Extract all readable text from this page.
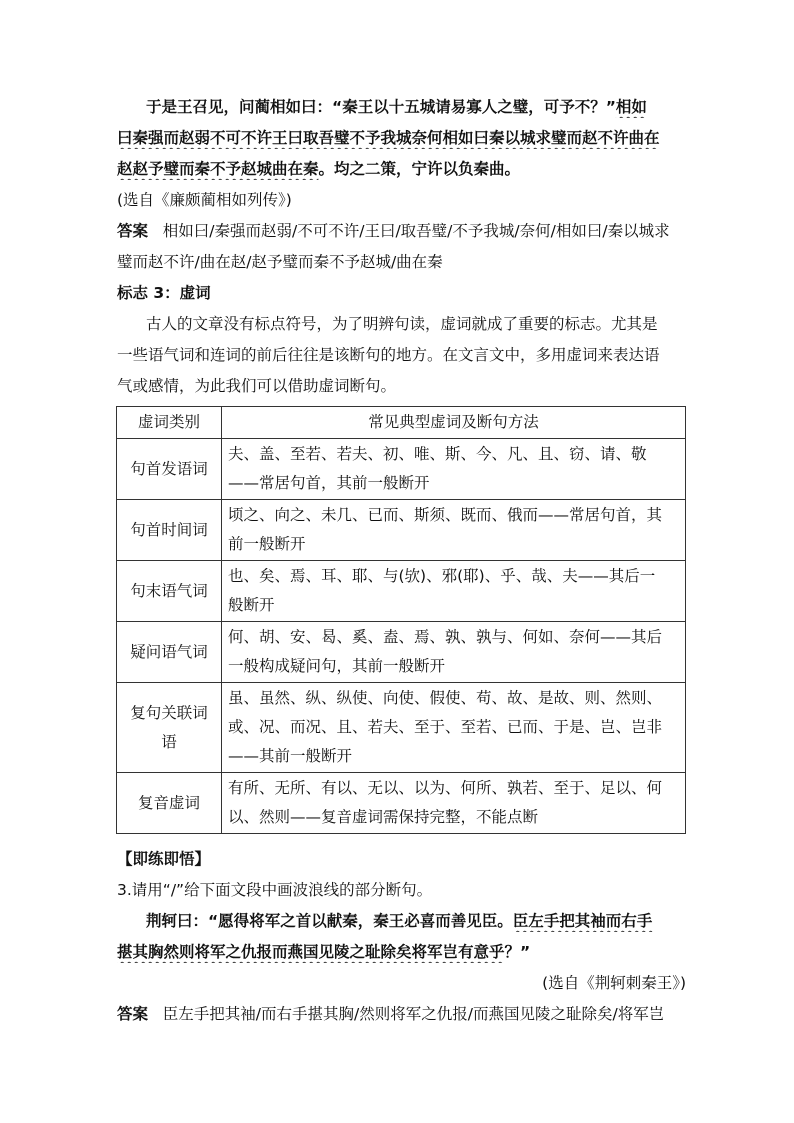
于是王召见，问蔺相如曰：“秦王以十五城请易寡人之璧，可予不？”相如
曰秦强而赵弱不可不许王曰取吾璧不予我城奈何相如曰秦以城求璧而赵不许曲在
赵赵予璧而秦不予赵城曲在秦。均之二策，宁许以负秦曲。
(选自《廉颇蔺相如列传》)
答案 相如曰/秦强而赵弱/不可不许/王曰/取吾璧/不予我城/奈何/相如曰/秦以城求
璧而赵不许/曲在赵/赵予璧而秦不予赵城/曲在秦
标志 3：虚词
古人的文章没有标点符号，为了明辨句读，虚词就成了重要的标志。尤其是
一些语气词和连词的前后往往是该断句的地方。在文言文中，多用虚词来表达语
气或感情，为此我们可以借助虚词断句。
虚词类别	常见典型虚词及断句方法
句首发语词	夫、盖、至若、若夫、初、唯、斯、今、凡、且、窃、请、敬
——常居句首，其前一般断开

句首时间词	顷之、向之、未几、已而、斯须、既而、俄而——常居句首，其
前一般断开

句末语气词	也、矣、焉、耳、耶、与(欤)、邪(耶)、乎、哉、夫——其后一
般断开

疑问语气词	何、胡、安、曷、奚、盍、焉、孰、孰与、何如、奈何——其后
一般构成疑问句，其前一般断开

复句关联词语	虽、虽然、纵、纵使、向使、假使、苟、故、是故、则、然则、
或、况、而况、且、若夫、至于、至若、已而、于是、岂、岂非
——其前一般断开

复音虚词	有所、无所、有以、无以、以为、何所、孰若、至于、足以、何
以、然则——复音虚词需保持完整，不能点断
【即练即悟】
3.请用“/”给下面文段中画波浪线的部分断句。
荆轲曰：“愿得将军之首以献秦，秦王必喜而善见臣。臣左手把其袖而右手
揕其胸然则将军之仇报而燕国见陵之耻除矣将军岂有意乎？”
(选自《荆轲刺秦王》)
答案 臣左手把其袖/而右手揕其胸/然则将军之仇报/而燕国见陵之耻除矣/将军岂
